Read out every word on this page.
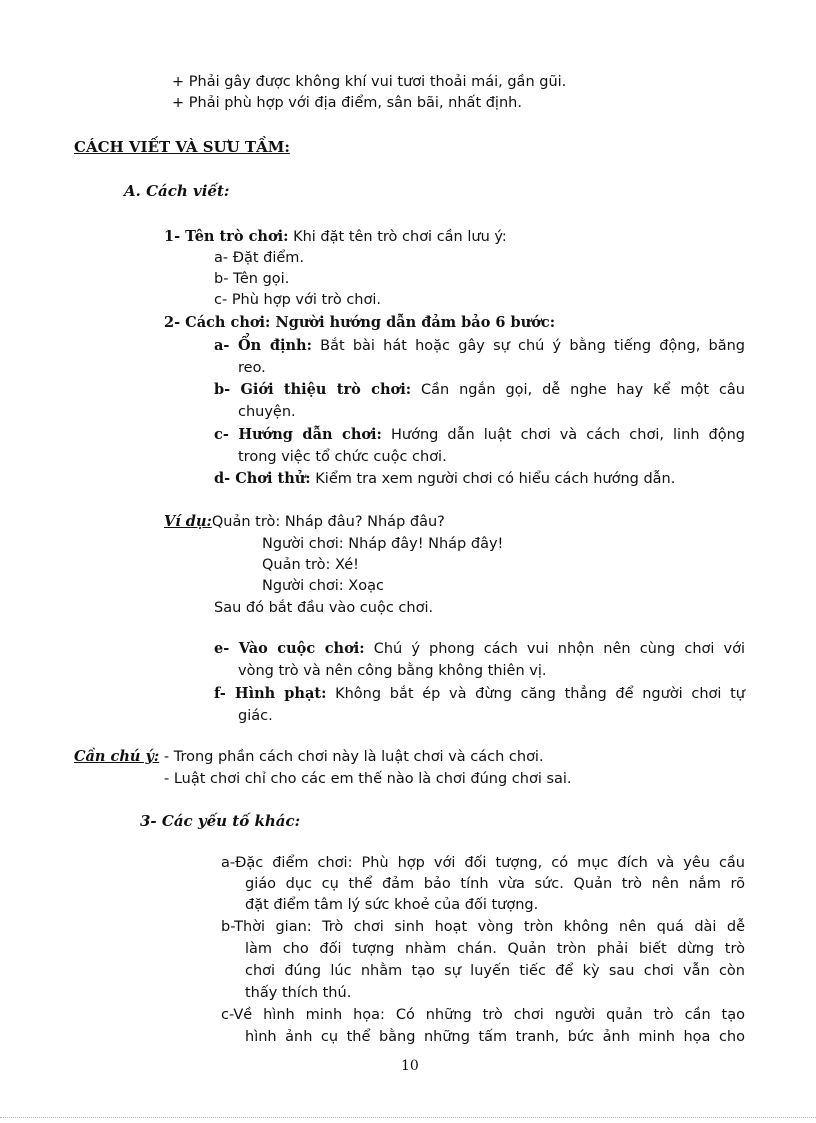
+ Phải gây được không khí vui tươi thoải mái, gần gũi.
+ Phải phù hợp với địa điểm, sân bãi, nhất định.
CÁCH VIẾT VÀ SƯU TẦM:
A. Cách viết:
1- Tên trò chơi: Khi đặt tên trò chơi cần lưu ý:
a- Đặt điểm.
b- Tên gọi.
c- Phù hợp với trò chơi.
2- Cách chơi: Người hướng dẫn đảm bảo 6 bước:
a- Ổn định: Bắt bài hát hoặc gây sự chú ý bằng tiếng động, băng
reo.
b- Giới thiệu trò chơi: Cần ngắn gọi, dễ nghe hay kể một câu
chuyện.
c- Hướng dẫn chơi: Hướng dẫn luật chơi và cách chơi, linh động
trong việc tổ chức cuộc chơi.
d- Chơi thử: Kiểm tra xem người chơi có hiểu cách hướng dẫn.
Ví dụ:Quản trò: Nháp đâu? Nháp đâu?
Người chơi: Nháp đây! Nháp đây!
Quản trò: Xé!
Người chơi: Xoạc
Sau đó bắt đầu vào cuộc chơi.
e- Vào cuộc chơi: Chú ý phong cách vui nhộn nên cùng chơi với
vòng trò và nên công bằng không thiên vị.
f- Hình phạt: Không bắt ép và đừng căng thẳng để người chơi tự
giác.
Cần chú ý: - Trong phần cách chơi này là luật chơi và cách chơi.
- Luật chơi chỉ cho các em thế nào là chơi đúng chơi sai.
3- Các yếu tố khác:
a-Đặc điểm chơi: Phù hợp với đối tượng, có mục đích và yêu cầu
giáo dục cụ thể đảm bảo tính vừa sức. Quản trò nên nắm rõ
đặt điểm tâm lý sức khoẻ của đối tượng.
b-Thời gian: Trò chơi sinh hoạt vòng tròn không nên quá dài dễ
làm cho đối tượng nhàm chán. Quản tròn phải biết dừng trò
chơi đúng lúc nhằm tạo sự luyến tiếc để kỳ sau chơi vẫn còn
thấy thích thú.
c-Về hình minh họa: Có những trò chơi người quản trò cần tạo
hình ảnh cụ thể bằng những tấm tranh, bức ảnh minh họa cho
10
